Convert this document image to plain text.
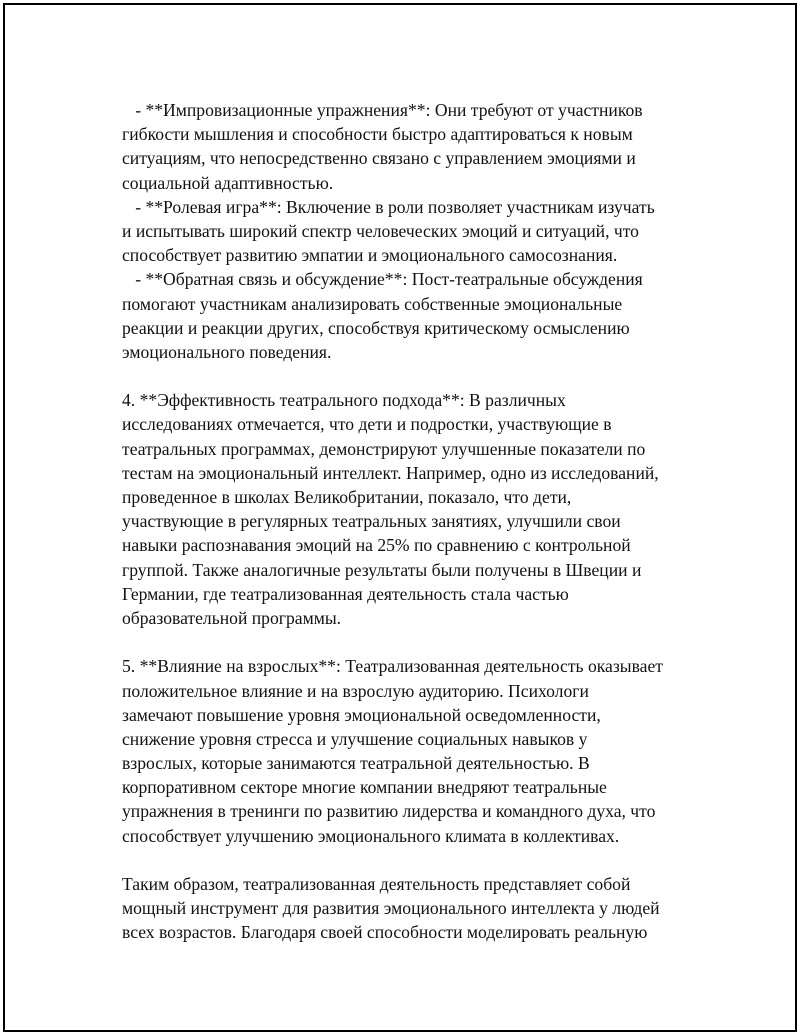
- **Импровизационные упражнения**: Они требуют от участников
гибкости мышления и способности быстро адаптироваться к новым
ситуациям, что непосредственно связано с управлением эмоциями и
социальной адаптивностью.
- **Ролевая игра**: Включение в роли позволяет участникам изучать
и испытывать широкий спектр человеческих эмоций и ситуаций, что
способствует развитию эмпатии и эмоционального самосознания.
- **Обратная связь и обсуждение**: Пост-театральные обсуждения
помогают участникам анализировать собственные эмоциональные
реакции и реакции других, способствуя критическому осмыслению
эмоционального поведения.
4. **Эффективность театрального подхода**: В различных
исследованиях отмечается, что дети и подростки, участвующие в
театральных программах, демонстрируют улучшенные показатели по
тестам на эмоциональный интеллект. Например, одно из исследований,
проведенное в школах Великобритании, показало, что дети,
участвующие в регулярных театральных занятиях, улучшили свои
навыки распознавания эмоций на 25% по сравнению с контрольной
группой. Также аналогичные результаты были получены в Швеции и
Германии, где театрализованная деятельность стала частью
образовательной программы.
5. **Влияние на взрослых**: Театрализованная деятельность оказывает
положительное влияние и на взрослую аудиторию. Психологи
замечают повышение уровня эмоциональной осведомленности,
снижение уровня стресса и улучшение социальных навыков у
взрослых, которые занимаются театральной деятельностью. В
корпоративном секторе многие компании внедряют театральные
упражнения в тренинги по развитию лидерства и командного духа, что
способствует улучшению эмоционального климата в коллективах.
Таким образом, театрализованная деятельность представляет собой
мощный инструмент для развития эмоционального интеллекта у людей
всех возрастов. Благодаря своей способности моделировать реальную
